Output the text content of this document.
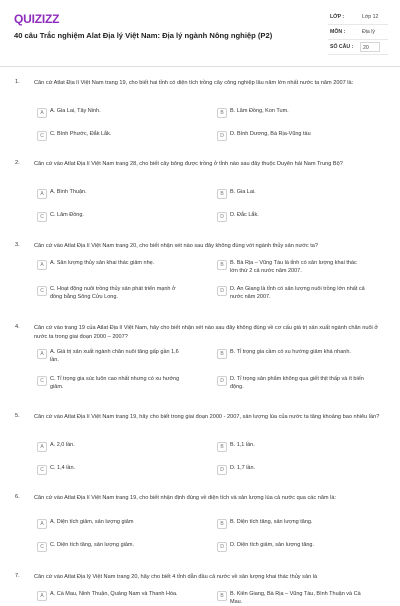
QUIZIZZ
40 câu Trắc nghiệm Alat Địa lý Việt Nam: Địa lý ngành Nông nghiệp (P2)
LỚP :	Lớp 12
MÔN :	Địa lý
SỐ CÂU :	20
1.	Căn cứ Atlat Địa lí Việt Nam trang 19, cho biết hai tỉnh có diện tích trồng cây công nghiệp lâu năm lớn nhất nước ta năm 2007 là:
A	A. Gia Lai, Tây Ninh.	B	B. Lâm Đồng, Kon Tum.
C	C. Bình Phước, Đắk Lắk.	D	D. Bình Dương, Bà Rịa-Vũng tàu
2.	Căn cứ vào Atlat Địa lí Việt Nam trang 28, cho biết cây bông được trồng ở tỉnh nào sau đây thuộc Duyên hải Nam Trung Bộ?
A	A. Bình Thuận.	B	B. Gia Lai.
C	C. Lâm Đồng.	D	D. Đắc Lắk.
3.	Căn cứ vào Atlat Địa lí Việt Nam trang 20, cho biết nhận xét nào sau đây không đúng với ngành thủy sản nước ta?
A	A. Sản lượng thủy sản khai thác giảm nhẹ.	B	B. Bà Rịa – Vũng Tàu là tỉnh có sản lượng khai thác lớn thứ 2 cả nước năm 2007.
C	C. Hoạt động nuôi trồng thủy sản phát triển mạnh ở đồng bằng Sông Cửu Long.
D	D. An Giang là tỉnh có sản lượng nuôi trồng lớn nhất cả nước năm 2007.
4.	Căn cứ vào trang 19 của Atlat Địa lí Việt Nam, hãy cho biết nhận xét nào sau đây không đúng về cơ cấu giá trị sản xuất ngành chăn nuôi ở nước ta trong giai đoạn 2000 – 2007?
A	A. Giá trị sản xuất ngành chăn nuôi tăng gấp gần 1,6 lần.
B	B. Tỉ trọng gia cầm có xu hướng giảm khá nhanh.
C	C. Tỉ trọng gia súc luôn cao nhất nhưng có xu hướng giảm.
D	D. Tỉ trọng sản phẩm không qua giết thịt thấp và ít biến động.
5.	Căn cứ vào Atlat Địa lí Việt Nam trang 19, hãy cho biết trong giai đoạn 2000 - 2007, sản lượng lúa của nước ta tăng khoảng bao nhiêu lần?
A	A. 2,0 lần.	B	B. 1,1 lần.
C	C. 1,4 lần.	D	D. 1,7 lần.
6.	Căn cứ vào Atlat Địa lí Việt Nam trang 19, cho biết nhận định đúng về diện tích và sản lượng lúa cả nước qua các năm là:
A	A. Diện tích giảm, sản lượng giảm	B	B. Diện tích tăng, sản lượng tăng.
C	C. Diện tích tăng, sản lượng giảm.	D	D. Diện tích giảm, sản lượng tăng.
7.	Căn cứ vào Atlat Địa lý Việt Nam trang 20, hãy cho biết 4 tỉnh dẫn đầu cả nước về sản lượng khai thác thủy sản là
A	A. Cà Mau, Ninh Thuận, Quảng Nam và Thanh Hóa.	B	B. Kiên Giang, Bà Rịa – Vũng Tàu, Bình Thuận và Cà Mau.
